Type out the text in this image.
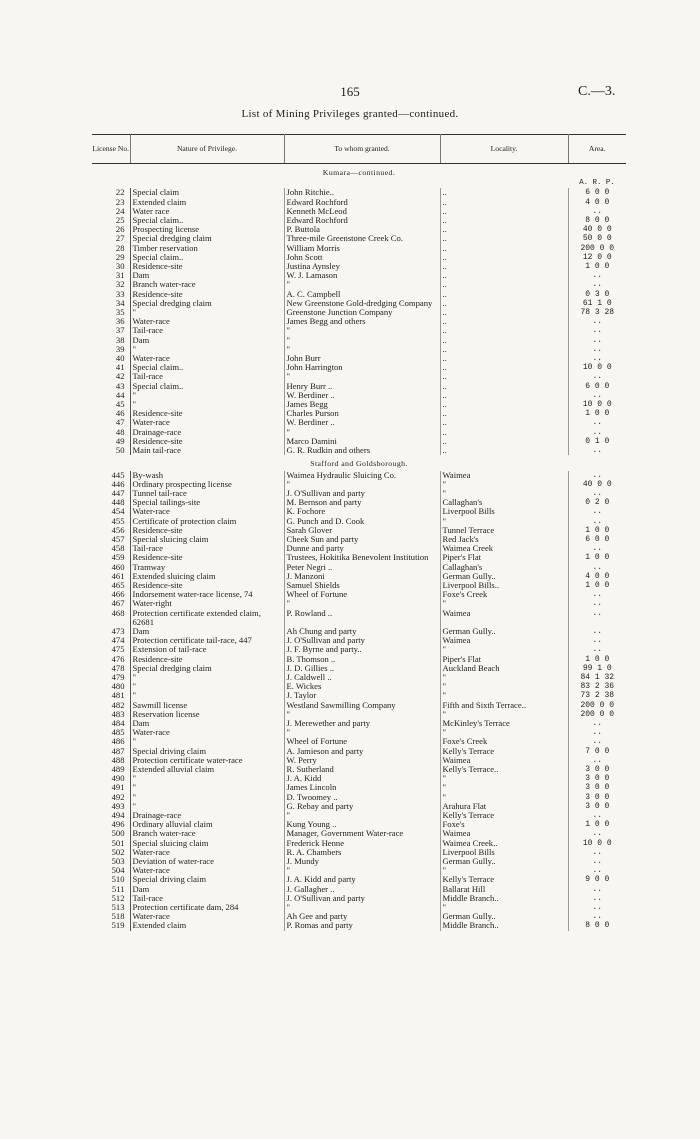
165	C.—3.
List of Mining Privileges granted—continued.
License No.	Nature of Privilege.	To whom granted.	Locality.	Area.
Kumara—continued.				
				A. R. P.
22	Special claim	John Ritchie..	..	6 0 0
23	Extended claim	Edward Rochford	..	4 0 0
24	Water race	Kenneth McLeod	..	..
25	Special claim..	Edward Rochford	..	8 0 0
26	Prospecting license	P. Buttola	..	40 0 0
27	Special dredging claim	Three-mile Greenstone Creek Co.	..	50 0 0
28	Timber reservation	William Morris	..	200 0 0
29	Special claim..	John Scott	..	12 0 0
30	Residence-site	Justina Aynsley	..	1 0 0
31	Dam	W. J. Lamason	..	..
32	Branch water-race	"	..	..
33	Residence-site	A. C. Campbell	..	0 3 0
34	Special dredging claim	New Greenstone Gold-dredging Company	..	61 1 0
35	"	Greenstone Junction Company	..	78 3 28
36	Water-race	James Begg and others	..	..
37	Tail-race	"	..	..
38	Dam	"	..	..
39	"	"	..	..
40	Water-race	John Burr	..	..
41	Special claim..	John Harrington	..	10 0 0
42	Tail-race	"	..	..
43	Special claim..	Henry Burr ..	..	6 0 0
44	"	W. Berdiner ..	..	..
45	"	James Begg	..	10 0 0
46	Residence-site	Charles Purson	..	1 0 0
47	Water-race	W. Berdiner ..	..	..
48	Drainage-race	"	..	..
49	Residence-site	Marco Damini	..	0 1 0
50	Main tail-race	G. R. Rudkin and others	..	..
Stafford and Goldsborough.				
445	By-wash	Waimea Hydraulic Sluicing Co.	Waimea	..
446	Ordinary prospecting license	"	"	40 0 0
447	Tunnel tail-race	J. O'Sullivan and party	"	..
448	Special tailings-site	M. Bernson and party	Callaghan's	0 2 0
454	Water-race	K. Fochore	Liverpool Bills	..
455	Certificate of protection claim	G. Punch and D. Cook	"	..
456	Residence-site	Sarah Glover	Tunnel Terrace	1 0 0
457	Special sluicing claim	Cheek Sun and party	Red Jack's	6 0 0
458	Tail-race	Dunne and party	Waimea Creek	..
459	Residence-site	Trustees, Hokitika Benevolent Institution	Piper's Flat	1 0 0
460	Tramway	Peter Negri ..	Callaghan's	..
461	Extended sluicing claim	J. Manzoni	German Gully..	4 0 0
465	Residence-site	Samuel Shields	Liverpool Bills..	1 0 0
466	Indorsement water-race license, 74	Wheel of Fortune	Foxe's Creek	..
467	Water-right	"	"	..
468	Protection certificate extended claim, 62681	P. Rowland ..	Waimea	..
473	Dam	Ah Chung and party	German Gully..	..
474	Protection certificate tail-race, 447	J. O'Sullivan and party	Waimea	..
475	Extension of tail-race	J. F. Byrne and party..	"	..
476	Residence-site	B. Thomson ..	Piper's Flat	1 0 0
478	Special dredging claim	J. D. Gillies ..	Auckland Beach	99 1 0
479	"	J. Caldwell ..	"	84 1 32
480	"	E. Wickes	"	83 2 36
481	"	J. Taylor	"	73 2 38
482	Sawmill license	Westland Sawmilling Company	Fifth and Sixth Terrace..	200 0 0
483	Reservation license	"	"	200 0 0
484	Dam	J. Merewether and party	McKinley's Terrace	..
485	Water-race	"	"	..
486	"	Wheel of Fortune	Foxe's Creek	..
487	Special driving claim	A. Jamieson and party	Kelly's Terrace	7 0 0
488	Protection certificate water-race	W. Perry	Waimea	..
489	Extended alluvial claim	R. Sutherland	Kelly's Terrace..	3 0 0
490	"	J. A. Kidd	"	3 0 0
491	"	James Lincoln	"	3 0 0
492	"	D. Twoomey ..	"	3 0 0
493	"	G. Rebay and party	Arahura Flat	3 0 0
494	Drainage-race	"	Kelly's Terrace	..
496	Ordinary alluvial claim	Kung Young ..	Foxe's	1 0 0
500	Branch water-race	Manager, Government Water-race	Waimea	..
501	Special sluicing claim	Frederick Henne	Waimea Creek..	10 0 0
502	Water-race	R. A. Chambers	Liverpool Bills	..
503	Deviation of water-race	J. Mundy	German Gully..	..
504	Water-race	"	"	..
510	Special driving claim	J. A. Kidd and party	Kelly's Terrace	9 0 0
511	Dam	J. Gallagher ..	Ballarat Hill	..
512	Tail-race	J. O'Sullivan and party	Middle Branch..	..
513	Protection certificate dam, 284	"	"	..
518	Water-race	Ah Gee and party	German Gully..	..
519	Extended claim	P. Romas and party	Middle Branch..	8 0 0
